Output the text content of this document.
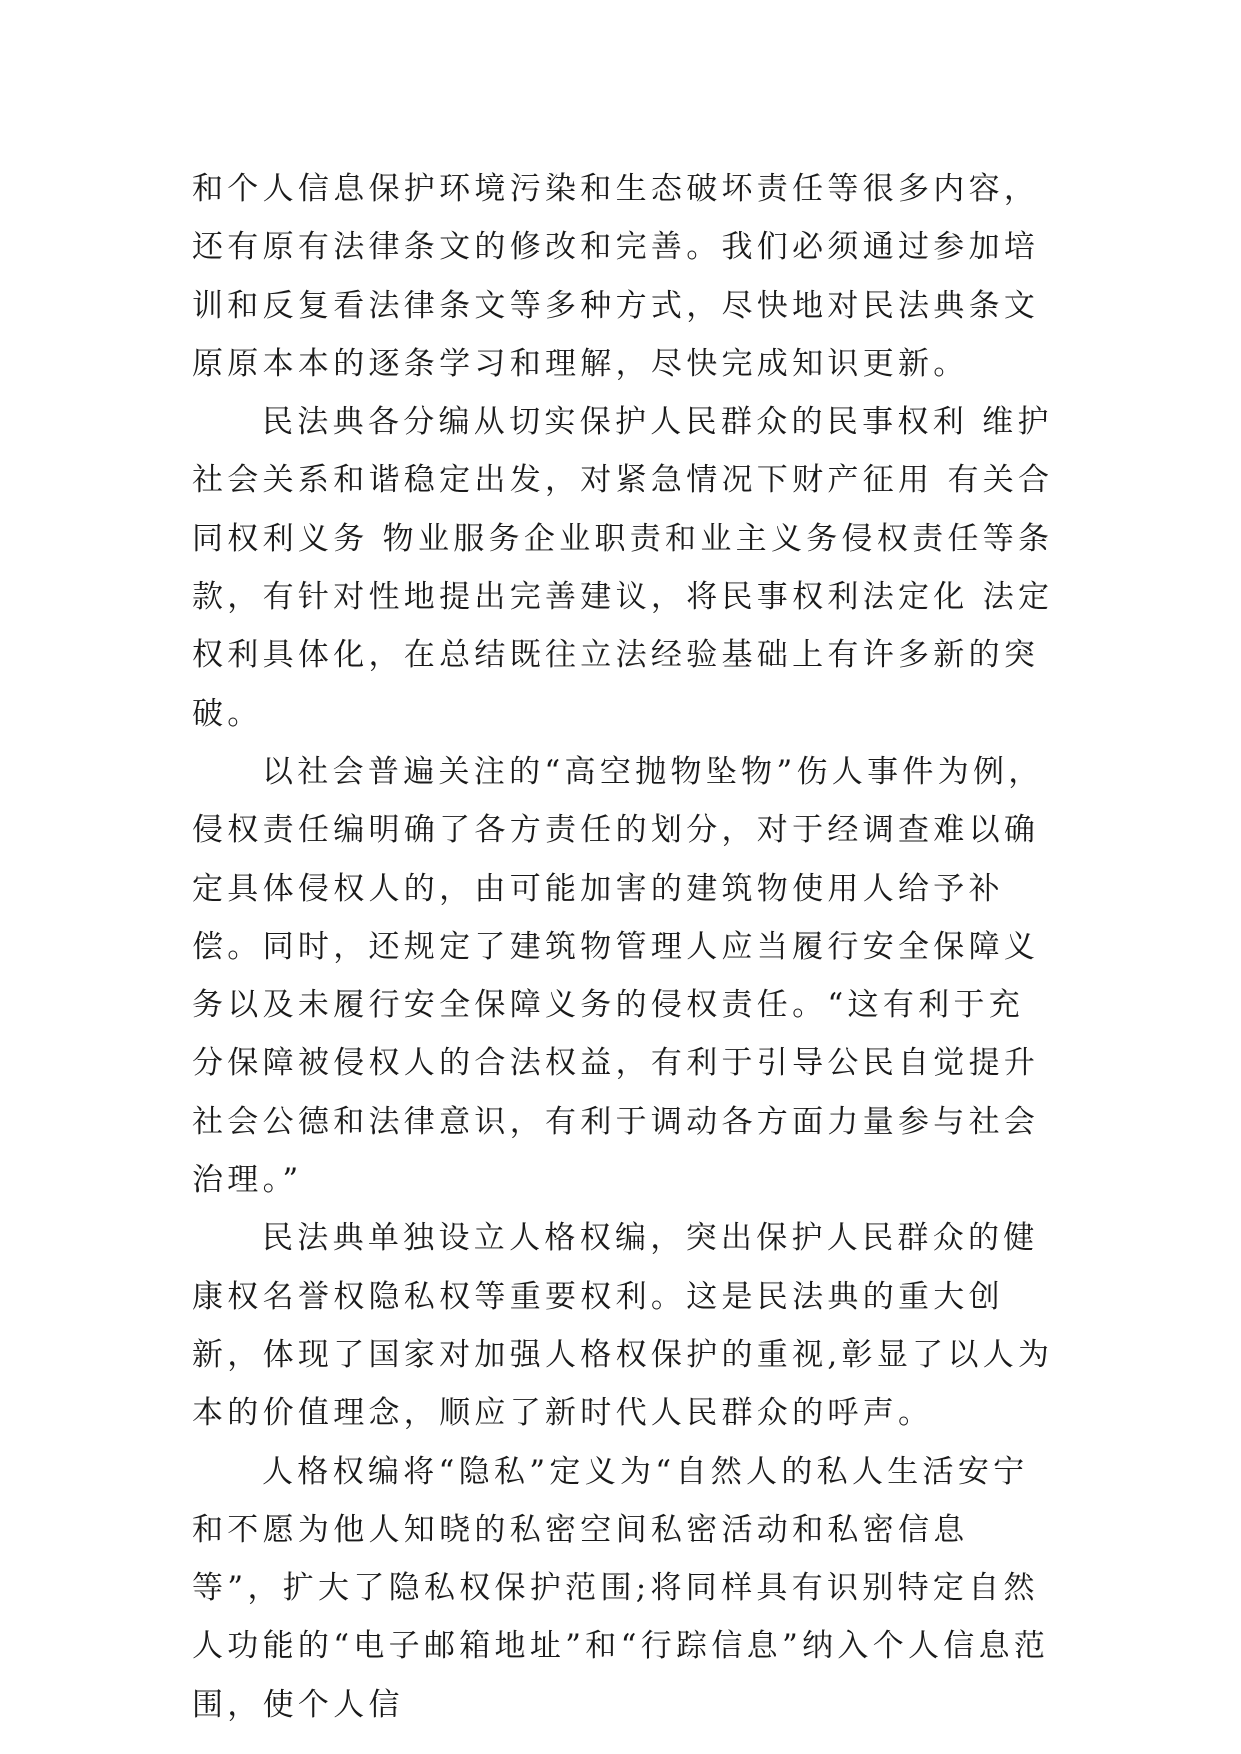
和个人信息保护环境污染和生态破坏责任等很多内容，还有原有法律条文的修改和完善。我们必须通过参加培训和反复看法律条文等多种方式，尽快地对民法典条文原原本本的逐条学习和理解，尽快完成知识更新。

民法典各分编从切实保护人民群众的民事权利 维护社会关系和谐稳定出发，对紧急情况下财产征用 有关合同权利义务 物业服务企业职责和业主义务侵权责任等条款，有针对性地提出完善建议，将民事权利法定化 法定权利具体化，在总结既往立法经验基础上有许多新的突破。

以社会普遍关注的“高空抛物坠物”伤人事件为例，侵权责任编明确了各方责任的划分，对于经调查难以确定具体侵权人的，由可能加害的建筑物使用人给予补偿。同时，还规定了建筑物管理人应当履行安全保障义务以及未履行安全保障义务的侵权责任。“这有利于充分保障被侵权人的合法权益，有利于引导公民自觉提升社会公德和法律意识，有利于调动各方面力量参与社会治理。”

民法典单独设立人格权编，突出保护人民群众的健康权名誉权隐私权等重要权利。这是民法典的重大创新，体现了国家对加强人格权保护的重视,彰显了以人为本的价值理念，顺应了新时代人民群众的呼声。

人格权编将“隐私”定义为“自然人的私人生活安宁和不愿为他人知晓的私密空间私密活动和私密信息等”，扩大了隐私权保护范围;将同样具有识别特定自然人功能的“电子邮箱地址”和“行踪信息”纳入个人信息范围，使个人信
